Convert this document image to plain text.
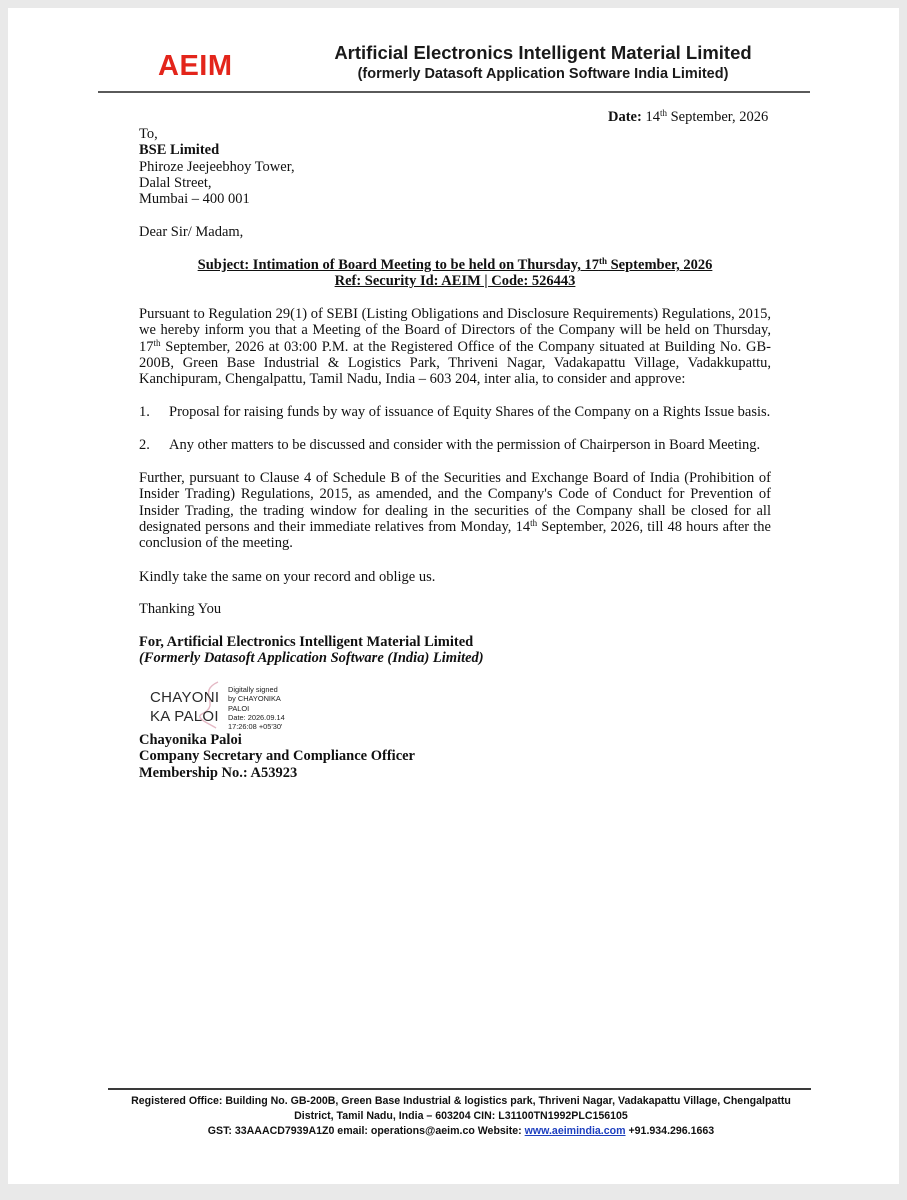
AEIM	Artificial Electronics Intelligent Material Limited
(formerly Datasoft Application Software India Limited)
Date: 14th September, 2026
To,
BSE Limited
Phiroze Jeejeebhoy Tower,
Dalal Street,
Mumbai – 400 001
Dear Sir/ Madam,
Subject: Intimation of Board Meeting to be held on Thursday, 17th September, 2026
Ref: Security Id: AEIM | Code: 526443
Pursuant to Regulation 29(1) of SEBI (Listing Obligations and Disclosure Requirements) Regulations, 2015, we hereby inform you that a Meeting of the Board of Directors of the Company will be held on Thursday, 17th September, 2026 at 03:00 P.M. at the Registered Office of the Company situated at Building No. GB-200B, Green Base Industrial & Logistics Park, Thriveni Nagar, Vadakapattu Village, Vadakkupattu, Kanchipuram, Chengalpattu, Tamil Nadu, India – 603 204, inter alia, to consider and approve:
1. Proposal for raising funds by way of issuance of Equity Shares of the Company on a Rights Issue basis.
2. Any other matters to be discussed and consider with the permission of Chairperson in Board Meeting.
Further, pursuant to Clause 4 of Schedule B of the Securities and Exchange Board of India (Prohibition of Insider Trading) Regulations, 2015, as amended, and the Company's Code of Conduct for Prevention of Insider Trading, the trading window for dealing in the securities of the Company shall be closed for all designated persons and their immediate relatives from Monday, 14th September, 2026, till 48 hours after the conclusion of the meeting.
Kindly take the same on your record and oblige us.
Thanking You
For, Artificial Electronics Intelligent Material Limited
(Formerly Datasoft Application Software (India) Limited)
CHAYONI
KA PALOI
Digitally signed
by CHAYONIKA
PALOI
Date: 2026.09.14
17:26:08 +05'30'
Chayonika Paloi
Company Secretary and Compliance Officer
Membership No.: A53923
Registered Office: Building No. GB-200B, Green Base Industrial & logistics park, Thriveni Nagar, Vadakapattu Village, Chengalpattu
District, Tamil Nadu, India – 603204 CIN: L31100TN1992PLC156105
GST: 33AAACD7939A1Z0 email: operations@aeim.co Website: www.aeimindia.com +91.934.296.1663
